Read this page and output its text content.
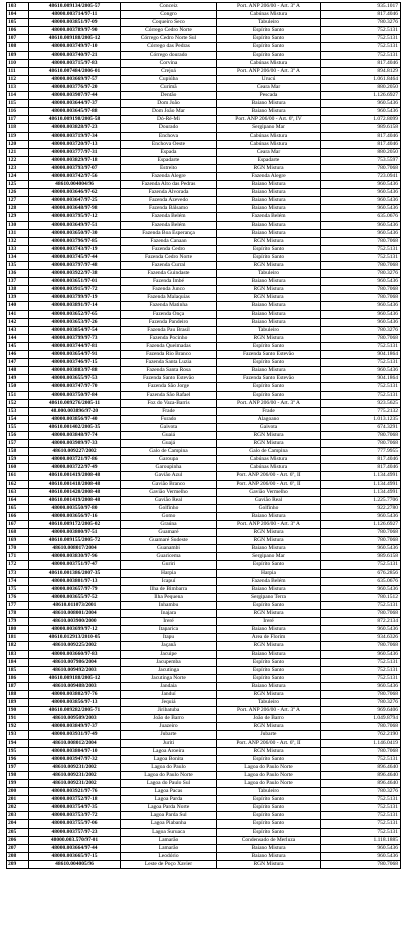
103	48610.009134/2005-57	Conceiz	Port. ANP 206/00 - Art. 3º A	935.1017
104	48000.003714/97-11	Congro	Cabúnas Mistura	817.4046
105	48000.003851/97-09	Coqueiro Seco	Tabuleiro	780.3276
106	48000.003789/97-90	Córrego Cedro Norte	Espírito Santo	752.5131
107	48610.009188/2005-12	Córrego Cedro Norte Sul	Espírito Santo	752.5131
108	48000.003749/97-10	Córrego das Pedras	Espírito Santo	752.5131
109	48000.003740/97-21	Córrego dourado	Espírito Santo	752.5131
110	48000.003715/97-83	Corvina	Cabúnas Mistura	817.4046
111	48610.007484/2006-01	Crejoá	Port. ANP 206/00 - Art. 3º A	894.8129
112	48000.003669/97-57	Cupiúba	Urucú	1.061.8464
113	48000.003776/97-20	Curimã	Ceara Mar	880.2050
114	48000.003907/97-44	Dentão	Pescada	1.126.6927
115	48000.003644/97-37	Dom João	Baiano Mistura	960.5436
116	48000.003645/97-88	Dom João Mar	Baiano Mistura	960.5436
117	48610.009198/2005-58	Dó-Ré-Mi	Port. ANP 206/00 - Art. 6º, IV	1.072.8099
118	48000.003828/97-23	Dourado	Sergipano Mar	989.6158
119	48000.003719/97-34	Enchova	Cabúnas Mistura	817.4046
120	48000.003720/97-13	Enchova Oeste	Cabúnas Mistura	817.4046
121	48000.003777/97-31	Espada	Ceara Mar	880.2050
122	48000.003829/97-18	Espadarte	Espadarte	753.5597
123	48000.003793/97-07	Estreito	RGN Mistura	780.7068
124	48000.003742/97-56	Fazenda Alegre	Fazenda Alegre	723.0941
125	48610.004004/96	Fazenda Alto das Pedras	Baiano Mistura	960.5436
126	48000.003646/97-62	Fazenda Alvorada	Baiano Mistura	960.5436
127	48000.003647/97-25	Fazenda Azevedo	Baiano Mistura	960.5436
128	48000.003648/97-98	Fazenda Bálsamo	Baiano Mistura	960.5436
129	48000.003795/97-12	Fazenda Belém	Fazenda Belém	635.0676
130	48000.003649/97-51	Fazenda Belém	Baiano Mistura	960.5436
131	48000.003650/97-30	Fazenda Boa Esperança	Baiano Mistura	960.5436
132	48000.003796/97-85	Fazenda Canaan	RGN Mistura	780.7068
133	48000.003743/97-19	Fazenda Cedro	Espírito Santo	752.5131
134	48000.003745/97-44	Fazenda Cedro Norte	Espírito Santo	752.5131
135	48000.003797/97-48	Fazenda Curral	RGN Mistura	780.7068
136	48000.003922/97-38	Fazenda Guindaste	Tabuleiro	780.3276
137	48000.003651/97-01	Fazenda Imbé	Baiano Mistura	960.5436
138	48000.003915/97-72	Fazenda Junco	RGN Mistura	780.7068
139	48000.003799/97-19	Fazenda Malaquias	RGN Mistura	780.7068
140	48000.003891/97-14	Fazenda Matinha	Baiano Mistura	960.5436
141	48000.003652/97-65	Fazenda Onça	Baiano Mistura	960.5436
142	48000.003653/97-26	Fazenda Pandeiro	Baiano Mistura	960.5436
143	48000.003854/97-54	Fazenda Pau Brasil	Tabuleiro	780.3276
144	48000.003799/97-73	Fazenda Pocinho	RGN Mistura	780.7068
145	48000.003744/97-81	Fazenda Queimadas	Espírito Santo	752.5131
146	48000.003654/97-91	Fazenda Rio Branco	Fazenda Santo Estevão	904.1864
147	48000.003746/97-15	Fazenda Santa Luzia	Espírito Santo	752.5131
148	48000.003883/97-88	Fazenda Santa Rosa	Baiano Mistura	960.5436
149	48000.003655/97-53	Fazenda Santo Estevão	Fazenda Santo Estevão	904.1864
150	48000.003747/97-70	Fazenda São Jorge	Espírito Santo	752.5131
151	48000.003750/97-84	Fazenda São Rafael	Espírito Santo	752.5131
152	48610.009276/2005-11	Foz do Vaza-Barris	Port. ANP 206/00 - Art. 3º A	923.5625
153	48.000.003896/97-20	Frade	Frade	775.2132
154	48000.003856/97-40	Furado	Alagoano	1.013.1235
155	48610.001402/2005-35	Gaivota	Gaivota	674.3291
156	48000.003848/97-74	Guaiá	RGN Mistura	780.7068
157	48000.003909/97-33	Guajá	RGN Mistura	780.7068
158	48610.009227/2002	Galo de Campina	Galo de Campina	777.9955
159	48000.003721/97-86	Garoupa	Cabúnas Mistura	817.4046
160	48000.003722/97-49	Garoupinha	Cabúnas Mistura	817.4046
161	48610.001419/2008-48	Gavião Azul	Port. ANP 206/00 - Art. 6º, II	1.134.4991
162	48610.001418/2008-48	Gavião Branco	Port. ANP 206/00 - Art. 6º, II	1.134.4991
163	48610.001420/2008-48	Gavião Vermelho	Gavião Vermelho	1.134.4991
164	48610.001419/2008-48	Gavião Real	Gavião Real	1.225.7706
165	48000.003550/97-80	Golfinho	Golfinho	922.2780
166	48000.003656/97-16	Gomo	Baiano Mistura	960.5436
167	48610.009172/2005-02	Graúna	Port. ANP 206/00 - Art. 3º A	1.126.6927
168	48000.003800/97-51	Guamaré	RGN Mistura	780.7068
169	48610.009155/2005-72	Guamaré Sudeste	RGN Mistura	780.7068
170	48610.008017/2004	Guanambi	Baiano Mistura	960.5436
171	48000.003830/97-96	Guaricema	Sergipano Mar	989.6158
172	48000.003751/97-47	Guriri	Espírito Santo	752.5131
173	48610.001386/2007-35	Harpia	Harpia	676.2856
174	48000.003801/97-13	Icapuí	Fazenda Belém	635.0676
175	48000.003657/97-79	Ilha de Bimbarra	Baiano Mistura	960.5436
176	48000.003655/97-52	Ilha Pequena	Sergipano Terra	780.1512
177	48610.011073/2001	Inhambu	Espírito Santo	752.5131
178	48610.008001/2004	Inajara	RGN Mistura	780.7068
179	48610.003900/2000	Ireré	Ireré	872.2134
180	48000.003699/97-12	Itaparica	Baiano Mistura	960.5436
181	48610.012913/2010-05	Itapu	Área de Florim	934.6326
182	48610.009225/2002	Jaçanã	RGN Mistura	780.7068
183	48000.003660/97-83	Jacuipe	Baiano Mistura	960.5436
184	48610.007986/2004	Jacupemba	Espírito Santo	752.5131
185	48610.009492/2003	Jacutinga	Espírito Santo	752.5131
186	48610.009188/2005-12	Jacutinga Norte	Espírito Santo	752.5131
187	48610.009488/2003	Jandaia	Baiano Mistura	960.5436
188	48000.003802/97-76	Janduí	RGN Mistura	780.7068
189	48000.003856/97-13	Jequiá	Tabuleiro	780.3276
190	48610.009282/2005-71	Jiribatuba	Port. ANP 206/00 - Art. 3º A	969.6406
191	48610.009509/2003	João de Barro	João de Barro	1.049.8794
192	48000.003849/97-37	Juazeiro	RGN Mistura	780.7068
193	48000.003931/97-49	Jubarte	Jubarte	762.2190
194	48610.008012/2004	Juriti	Port. ANP 206/00 - Art. 6º, II	1.146.0419
195	48000.003804/97-10	Lagoa Aroeira	RGN Mistura	780.7068
196	48000.003947/97-32	Lagoa Bonita	Espírito Santo	752.5131
197	48610.009231/2002	Lagoa do Paulo	Lagoa do Paulo Norte	896.4640
198	48610.009231/2002	Lagoa do Paulo Norte	Lagoa do Paulo Norte	896.4640
199	48610.009231/2002	Lagoa do Paulo Sul	Lagoa do Paulo Norte	896.4640
200	48000.003921/97-76	Lagoa Pacas	Tabuleiro	780.3276
201	48000.003752/97-18	Lagoa Parda	Espírito Santo	752.5131
202	48000.003754/97-35	Lagoa Parda Norte	Espírito Santo	752.5131
203	48000.003753/97-72	Lagoa Parda Sul	Espírito Santo	752.5131
204	48000.003755/97-06	Lagoa Piabanha	Espírito Santo	752.5131
205	48000.003757/97-23	Lagoa Suruaca	Espírito Santo	752.5131
206	48000.003.570/97-01	Lamarão	Condensado de Merluza	1.118.1885
207	48000.003664/97-44	Lamarão	Baiano Mistura	960.5436
208	48000.003665/97-15	Leodório	Baiano Mistura	960.5436
209	48610.004005/96	Leste de Poço Xavier	RGN Mistura	780.7068
